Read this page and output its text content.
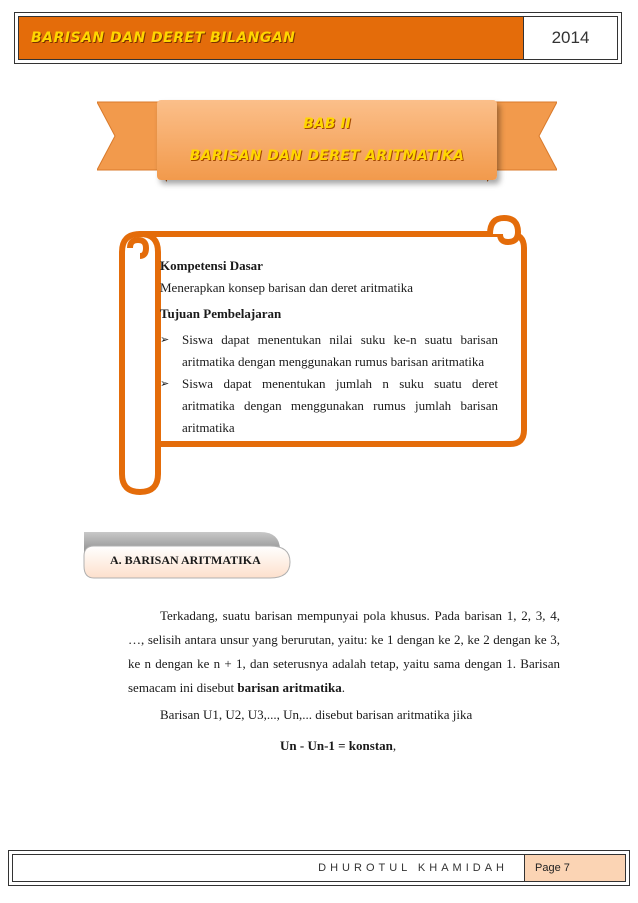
BARISAN DAN DERET BILANGAN	2014
BAB II
BARISAN DAN DERET ARITMATIKA
Kompetensi Dasar
Menerapkan konsep barisan dan deret aritmatika
Tujuan Pembelajaran
➢ Siswa dapat menentukan nilai suku ke-n suatu barisan aritmatika dengan menggunakan rumus barisan aritmatika
➢ Siswa dapat menentukan jumlah n suku suatu deret aritmatika dengan menggunakan rumus jumlah barisan aritmatika
A. BARISAN ARITMATIKA
Terkadang, suatu barisan mempunyai pola khusus. Pada barisan 1, 2, 3, 4, …, selisih antara unsur yang berurutan, yaitu: ke 1 dengan ke 2, ke 2 dengan ke 3, ke n dengan ke n + 1, dan seterusnya adalah tetap, yaitu sama dengan 1. Barisan semacam ini disebut barisan aritmatika.
Barisan U1, U2, U3,..., Un,... disebut barisan aritmatika jika
Un - Un-1 = konstan,
DHUROTUL KHAMIDAH	Page 7
